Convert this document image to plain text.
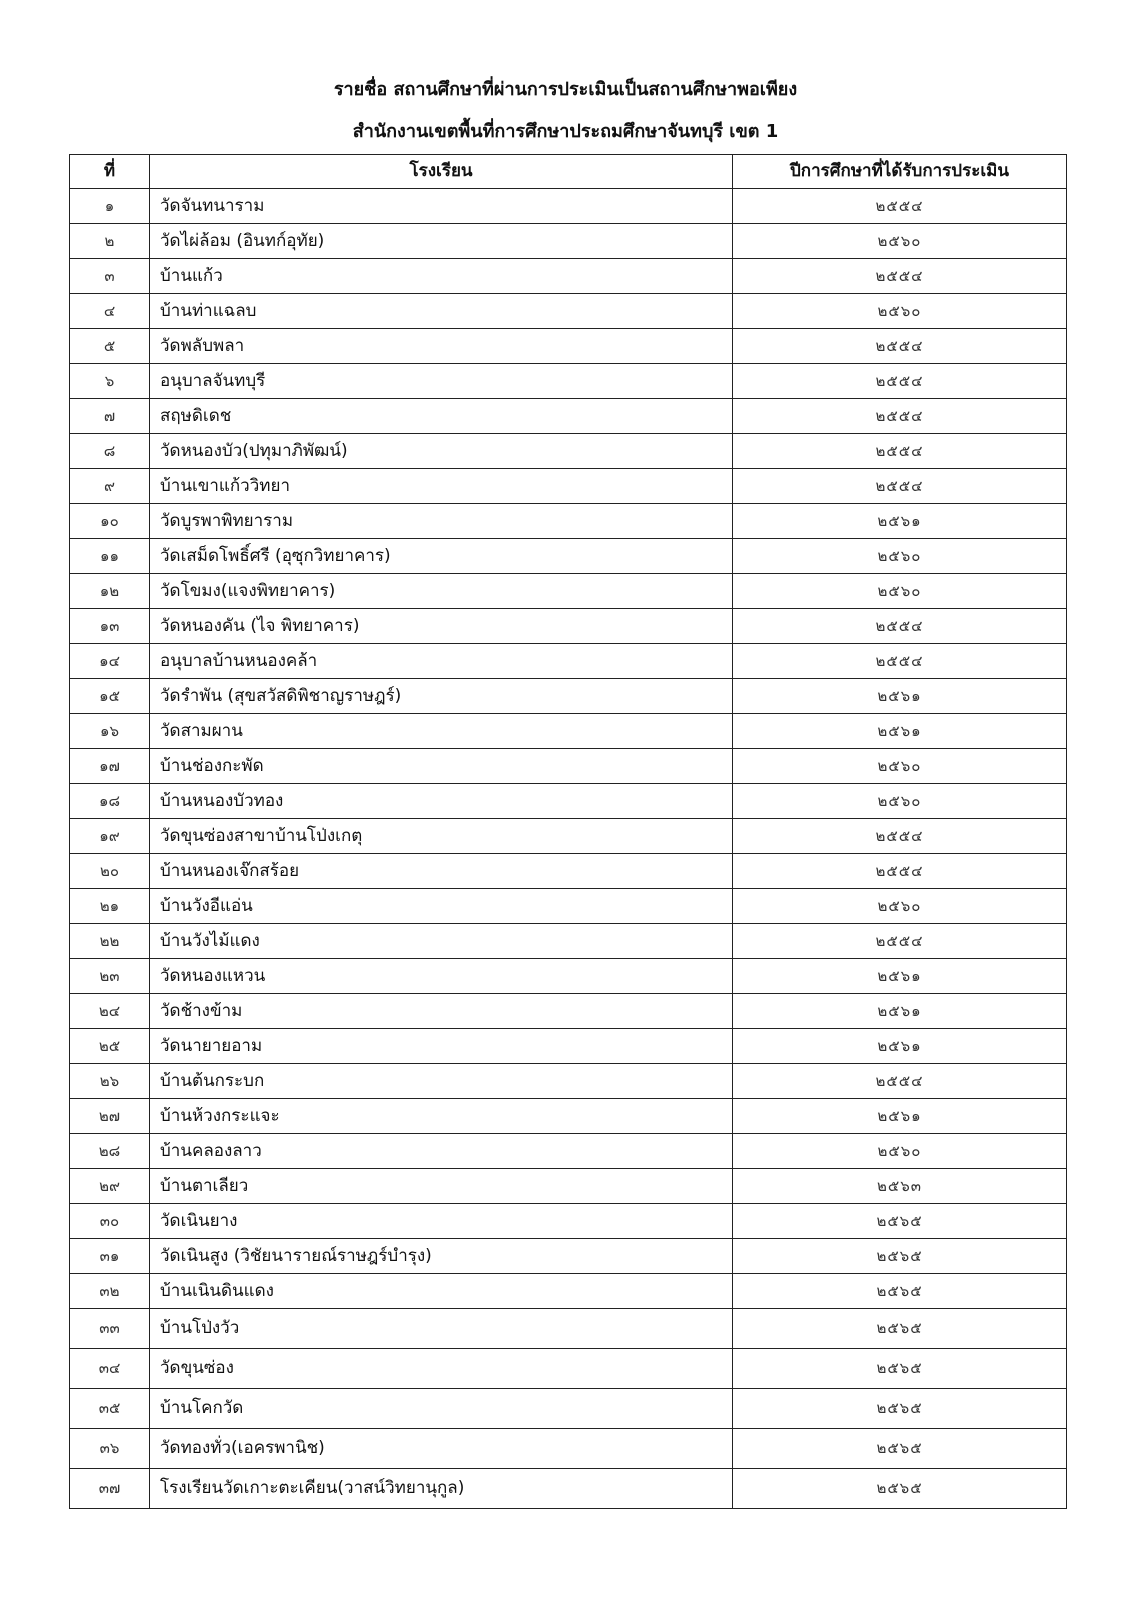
รายชื่อ สถานศึกษาที่ผ่านการประเมินเป็นสถานศึกษาพอเพียง
สำนักงานเขตพื้นที่การศึกษาประถมศึกษาจันทบุรี เขต 1
ที่	โรงเรียน	ปีการศึกษาที่ได้รับการประเมิน
๑	วัดจันทนาราม	๒๕๕๔
๒	วัดไผ่ล้อม (อินทก์อุทัย)	๒๕๖๐
๓	บ้านแก้ว	๒๕๕๔
๔	บ้านท่าแฉลบ	๒๕๖๐
๕	วัดพลับพลา	๒๕๕๔
๖	อนุบาลจันทบุรี	๒๕๕๔
๗	สฤษดิเดช	๒๕๕๔
๘	วัดหนองบัว(ปทุมาภิพัฒน์)	๒๕๕๔
๙	บ้านเขาแก้ววิทยา	๒๕๕๔
๑๐	วัดบูรพาพิทยาราม	๒๕๖๑
๑๑	วัดเสม็ดโพธิ์ศรี (อุซุกวิทยาคาร)	๒๕๖๐
๑๒	วัดโขมง(แจงพิทยาคาร)	๒๕๖๐
๑๓	วัดหนองคัน (ไจ พิทยาคาร)	๒๕๕๔
๑๔	อนุบาลบ้านหนองคล้า	๒๕๕๔
๑๕	วัดรำพัน (สุขสวัสดิพิชาญราษฎร์)	๒๕๖๑
๑๖	วัดสามผาน	๒๕๖๑
๑๗	บ้านช่องกะพัด	๒๕๖๐
๑๘	บ้านหนองบัวทอง	๒๕๖๐
๑๙	วัดขุนซ่องสาขาบ้านโป่งเกตุ	๒๕๕๔
๒๐	บ้านหนองเจ๊กสร้อย	๒๕๕๔
๒๑	บ้านวังอีแอ่น	๒๕๖๐
๒๒	บ้านวังไม้แดง	๒๕๕๔
๒๓	วัดหนองแหวน	๒๕๖๑
๒๔	วัดช้างข้าม	๒๕๖๑
๒๕	วัดนายายอาม	๒๕๖๑
๒๖	บ้านต้นกระบก	๒๕๕๔
๒๗	บ้านห้วงกระแจะ	๒๕๖๑
๒๘	บ้านคลองลาว	๒๕๖๐
๒๙	บ้านตาเลียว	๒๕๖๓
๓๐	วัดเนินยาง	๒๕๖๕
๓๑	วัดเนินสูง (วิชัยนารายณ์ราษฎร์บำรุง)	๒๕๖๕
๓๒	บ้านเนินดินแดง	๒๕๖๕
๓๓	บ้านโป่งวัว	๒๕๖๕
๓๔	วัดขุนซ่อง	๒๕๖๕
๓๕	บ้านโคกวัด	๒๕๖๕
๓๖	วัดทองทั่ว(เอครพานิช)	๒๕๖๕
๓๗	โรงเรียนวัดเกาะตะเคียน(วาสน์วิทยานุกูล)	๒๕๖๕
